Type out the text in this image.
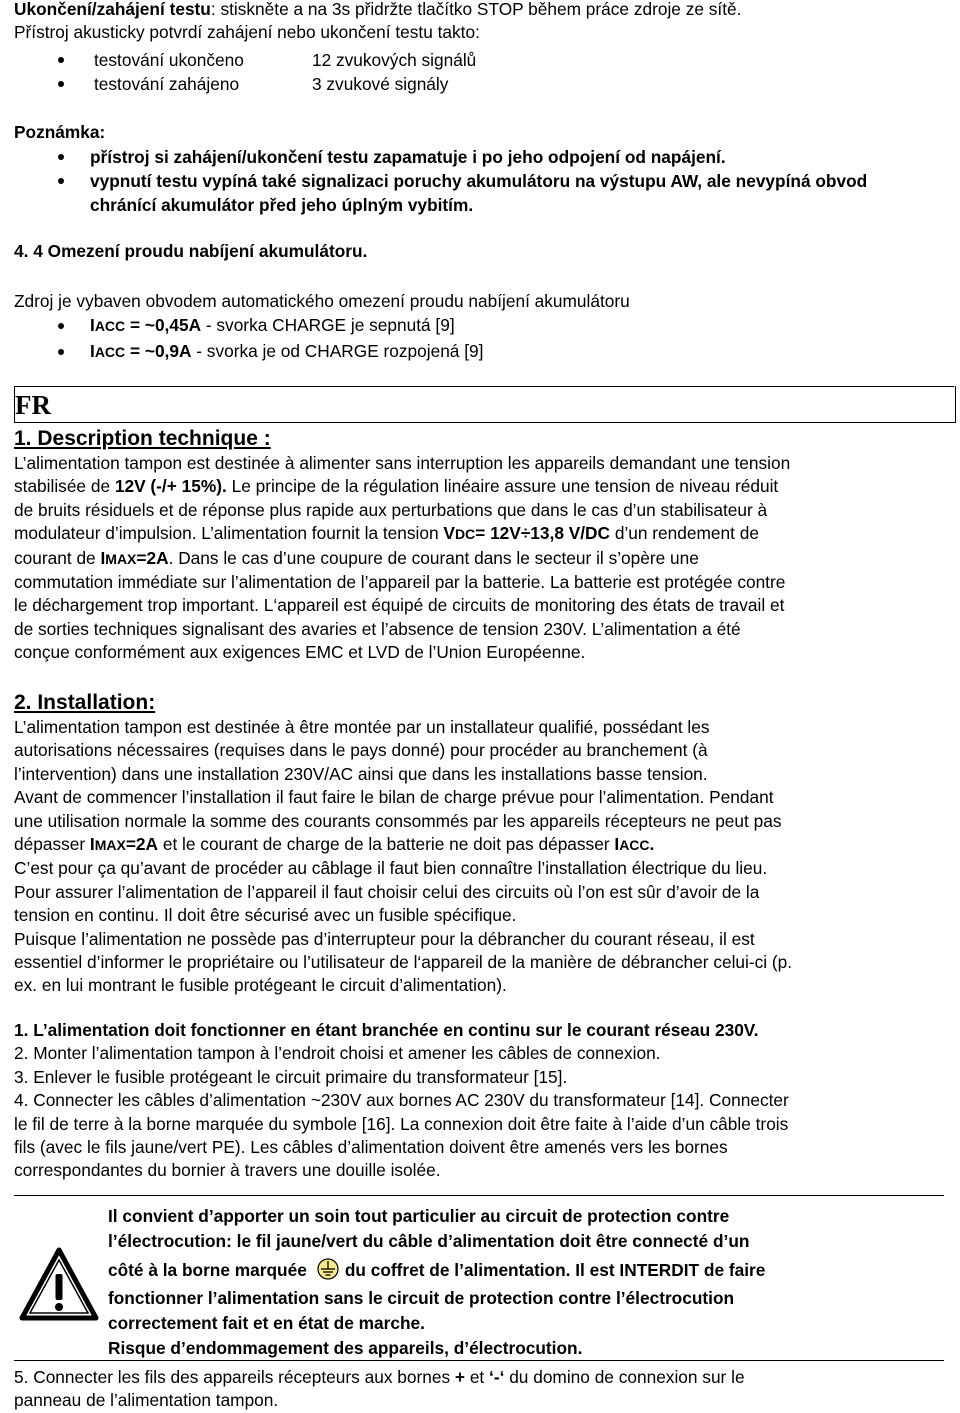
Ukončení/zahájení testu: stiskněte a na 3s přidržte tlačítko STOP během práce zdroje ze sítě.
Přístroj akusticky potvrdí zahájení nebo ukončení testu takto:
testování ukončeno	12 zvukových signálů
testování zahájeno	3 zvukové signály
Poznámka:
přístroj si zahájení/ukončení testu zapamatuje i po jeho odpojení od napájení.
vypnutí testu vypíná také signalizaci poruchy akumulátoru na výstupu AW, ale nevypíná obvod chránící akumulátor před jeho úplným vybitím.
4. 4 Omezení proudu nabíjení akumulátoru.
Zdroj je vybaven obvodem automatického omezení proudu nabíjení akumulátoru
IACC = ~0,45A - svorka CHARGE je sepnutá [9]
IACC = ~0,9A - svorka je od CHARGE rozpojená [9]
FR
1. Description technique :
L’alimentation tampon est destinée à alimenter sans interruption les appareils demandant une tension
stabilisée de 12V (-/+ 15%). Le principe de la régulation linéaire assure une tension de niveau réduit
de bruits résiduels et de réponse plus rapide aux perturbations que dans le cas d’un stabilisateur à
modulateur d’impulsion. L’alimentation fournit la tension VDC= 12V÷13,8 V/DC d’un rendement de
courant de IMAX=2A. Dans le cas d’une coupure de courant dans le secteur il s’opère une
commutation immédiate sur l’alimentation de l’appareil par la batterie. La batterie est protégée contre
le déchargement trop important. L‘appareil est équipé de circuits de monitoring des états de travail et
de sorties techniques signalisant des avaries et l’absence de tension 230V. L’alimentation a été
conçue conformément aux exigences EMC et LVD de l’Union Européenne.
2. Installation:
L’alimentation tampon est destinée à être montée par un installateur qualifié, possédant les
autorisations nécessaires (requises dans le pays donné) pour procéder au branchement (à
l’intervention) dans une installation 230V/AC ainsi que dans les installations basse tension.
Avant de commencer l’installation il faut faire le bilan de charge prévue pour l’alimentation. Pendant
une utilisation normale la somme des courants consommés par les appareils récepteurs ne peut pas
dépasser IMAX=2A et le courant de charge de la batterie ne doit pas dépasser IACC.
C’est pour ça qu’avant de procéder au câblage il faut bien connaître l’installation électrique du lieu.
Pour assurer l’alimentation de l’appareil il faut choisir celui des circuits où l’on est sûr d’avoir de la
tension en continu. Il doit être sécurisé avec un fusible spécifique.
Puisque l’alimentation ne possède pas d’interrupteur pour la débrancher du courant réseau, il est
essentiel d’informer le propriétaire ou l’utilisateur de l‘appareil de la manière de débrancher celui-ci (p.
ex. en lui montrant le fusible protégeant le circuit d’alimentation).
1. L’alimentation doit fonctionner en étant branchée en continu sur le courant réseau 230V.
2. Monter l’alimentation tampon à l’endroit choisi et amener les câbles de connexion.
3. Enlever le fusible protégeant le circuit primaire du transformateur [15].
4. Connecter les câbles d’alimentation ~230V aux bornes AC 230V du transformateur [14]. Connecter
le fil de terre à la borne marquée du symbole [16]. La connexion doit être faite à l’aide d’un câble trois
fils (avec le fils jaune/vert PE). Les câbles d’alimentation doivent être amenés vers les bornes
correspondantes du bornier à travers une douille isolée.
Il convient d’apporter un soin tout particulier au circuit de protection contre
l’électrocution: le fil jaune/vert du câble d’alimentation doit être connecté d’un
côté à la borne marquée du coffret de l’alimentation. Il est INTERDIT de faire
fonctionner l’alimentation sans le circuit de protection contre l’électrocution
correctement fait et en état de marche.
Risque d’endommagement des appareils, d’électrocution.
5. Connecter les fils des appareils récepteurs aux bornes + et ‘-‘ du domino de connexion sur le
panneau de l’alimentation tampon.
